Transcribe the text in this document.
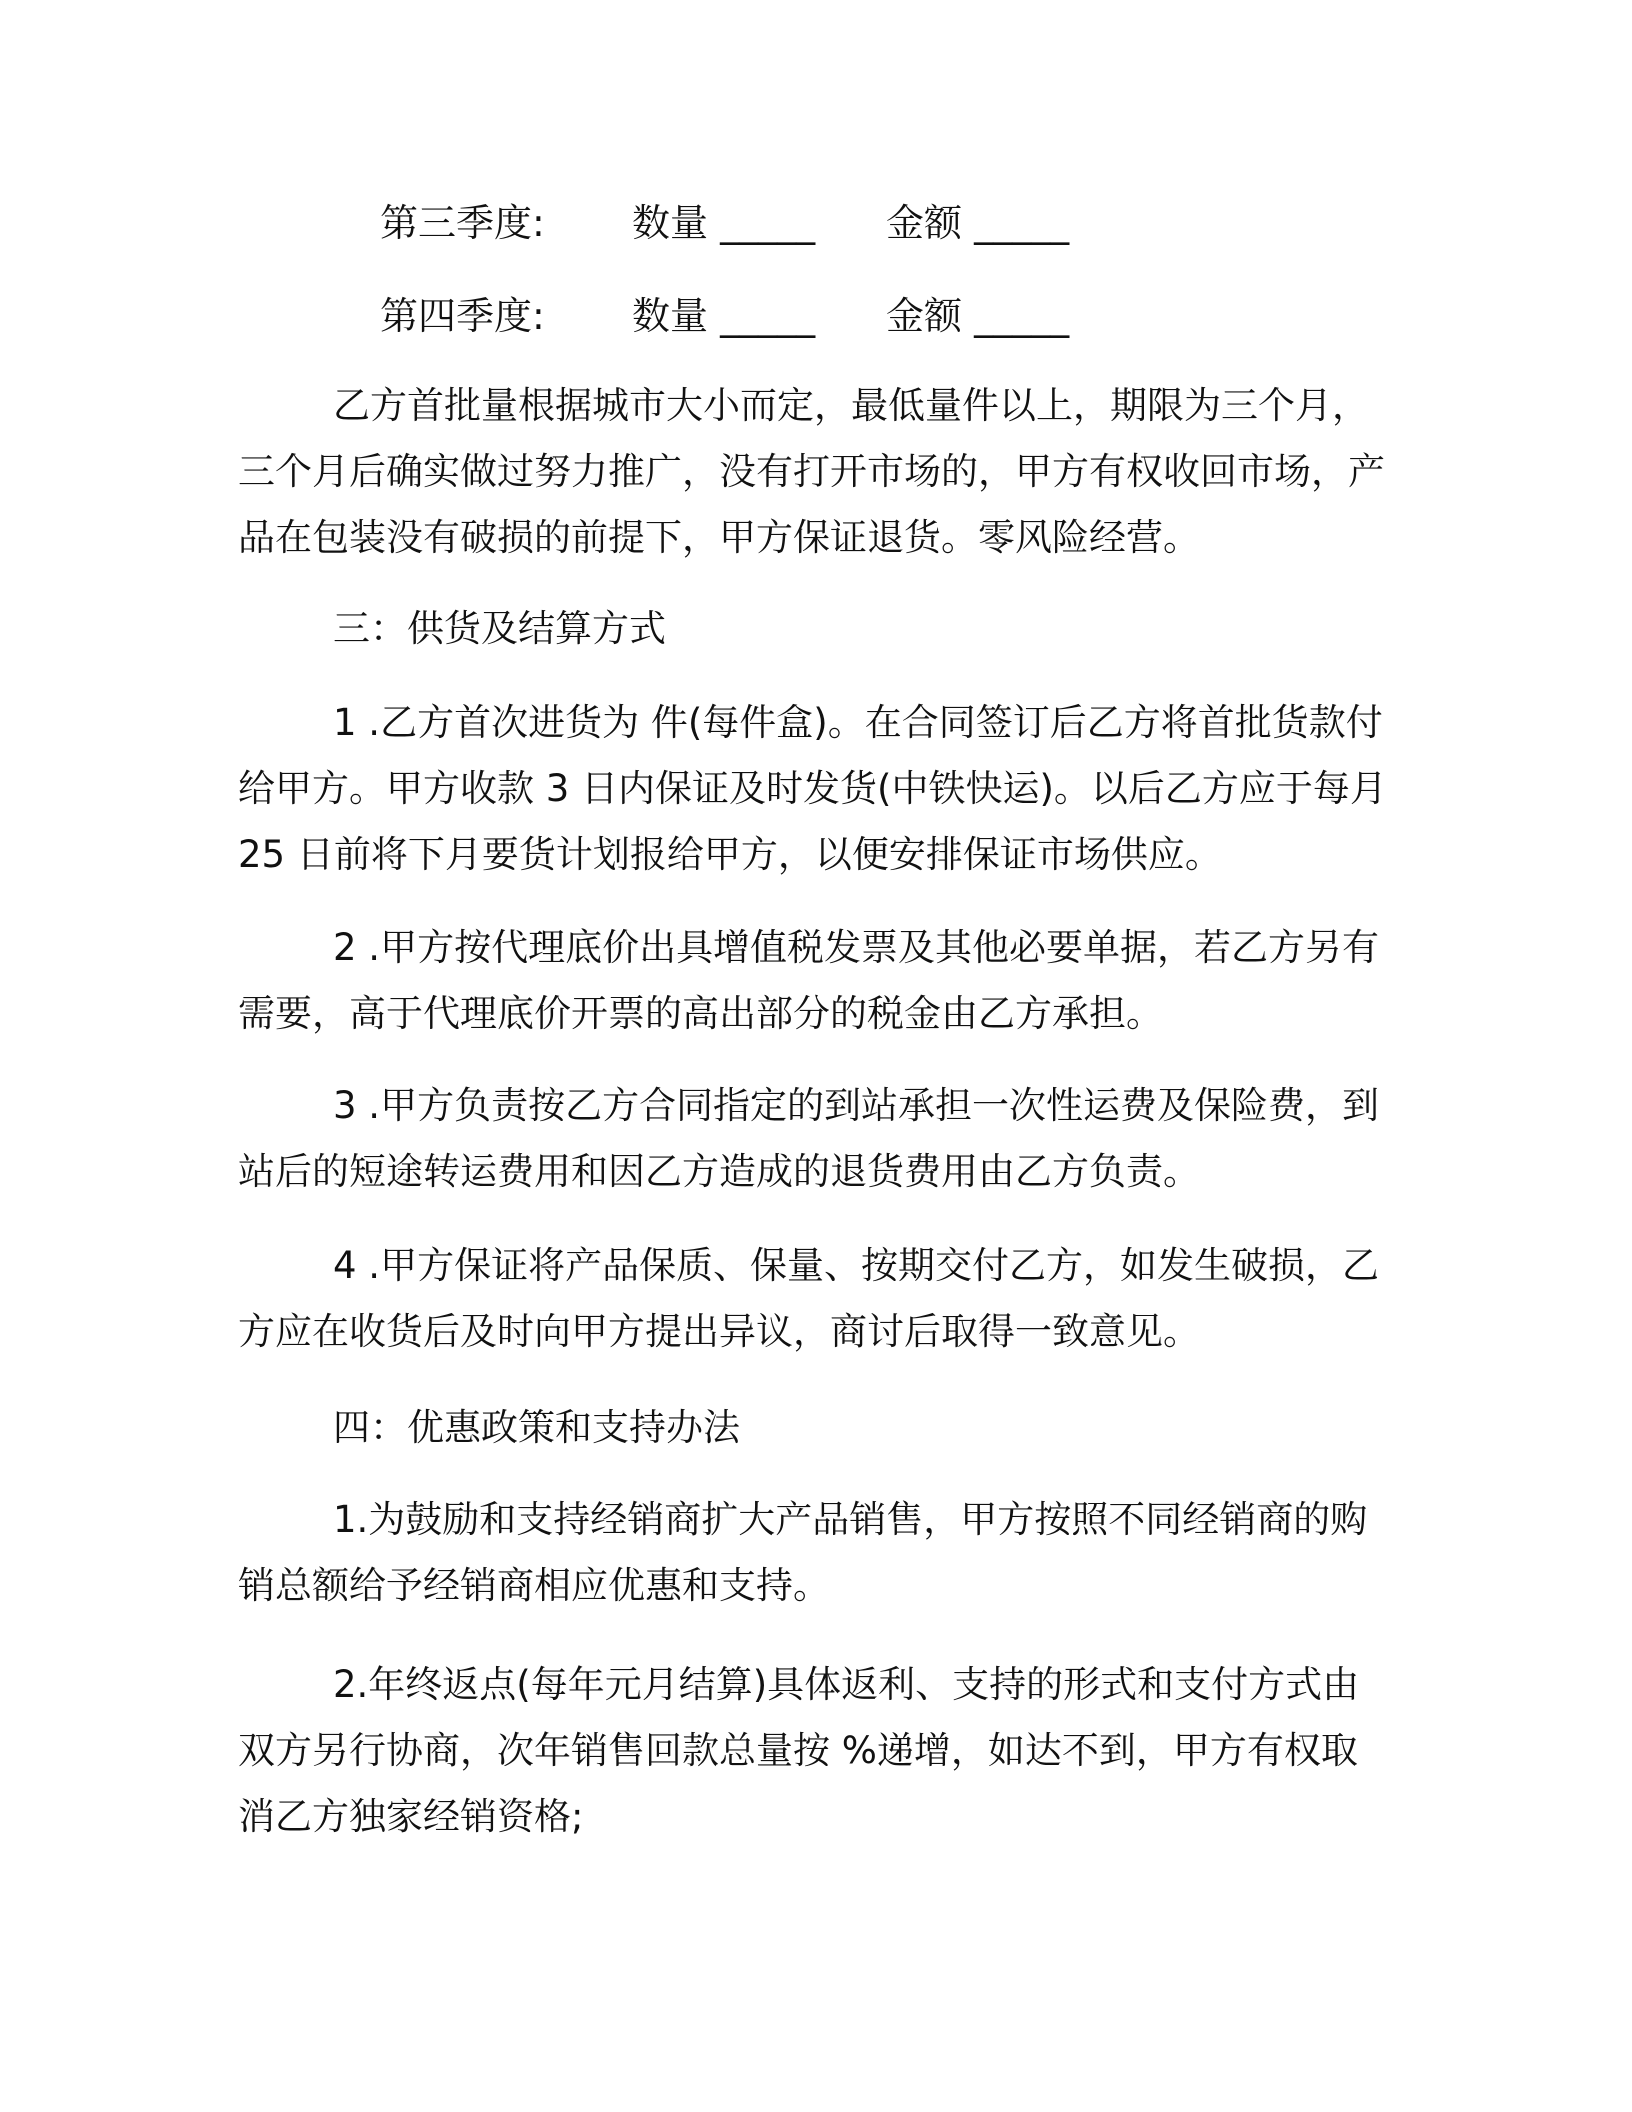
第三季度: 数量 _____ 金额 _____
第四季度: 数量 _____ 金额 _____

乙方首批量根据城市大小而定，最低量件以上，期限为三个月，三个月后确实做过努力推广，没有打开市场的，甲方有权收回市场，产品在包装没有破损的前提下，甲方保证退货。零风险经营。

三：供货及结算方式

1 .乙方首次进货为 件(每件盒)。在合同签订后乙方将首批货款付给甲方。甲方收款 3 日内保证及时发货(中铁快运)。以后乙方应于每月 25 日前将下月要货计划报给甲方，以便安排保证市场供应。

2 .甲方按代理底价出具增值税发票及其他必要单据，若乙方另有需要，高于代理底价开票的高出部分的税金由乙方承担。

3 .甲方负责按乙方合同指定的到站承担一次性运费及保险费，到站后的短途转运费用和因乙方造成的退货费用由乙方负责。

4 .甲方保证将产品保质、保量、按期交付乙方，如发生破损，乙方应在收货后及时向甲方提出异议，商讨后取得一致意见。

四：优惠政策和支持办法

1.为鼓励和支持经销商扩大产品销售，甲方按照不同经销商的购销总额给予经销商相应优惠和支持。

2.年终返点(每年元月结算)具体返利、支持的形式和支付方式由双方另行协商，次年销售回款总量按 %递增，如达不到，甲方有权取消乙方独家经销资格;
